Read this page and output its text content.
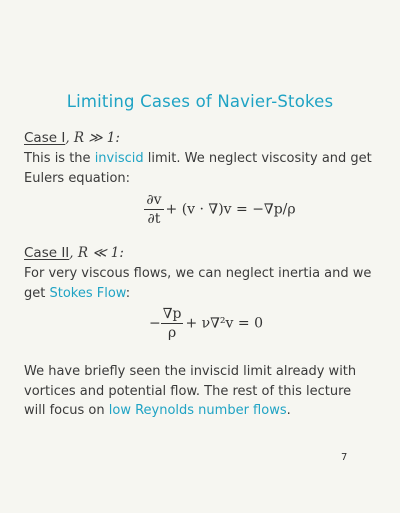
Limiting Cases of Navier-Stokes
Case I, R ≫ 1:
This is the inviscid limit. We neglect viscosity and get
Eulers equation:
$\frac{\partial v}{\partial t} + (v \cdot \nabla)v = -\nabla p/\rho$
Case II, R ≪ 1:
For very viscous flows, we can neglect inertia and we
get Stokes Flow:
− $\frac{\nabla p}{\rho} + \nu\nabla^2v = 0$
We have briefly seen the inviscid limit already with
vortices and potential flow. The rest of this lecture
will focus on low Reynolds number flows.
7
